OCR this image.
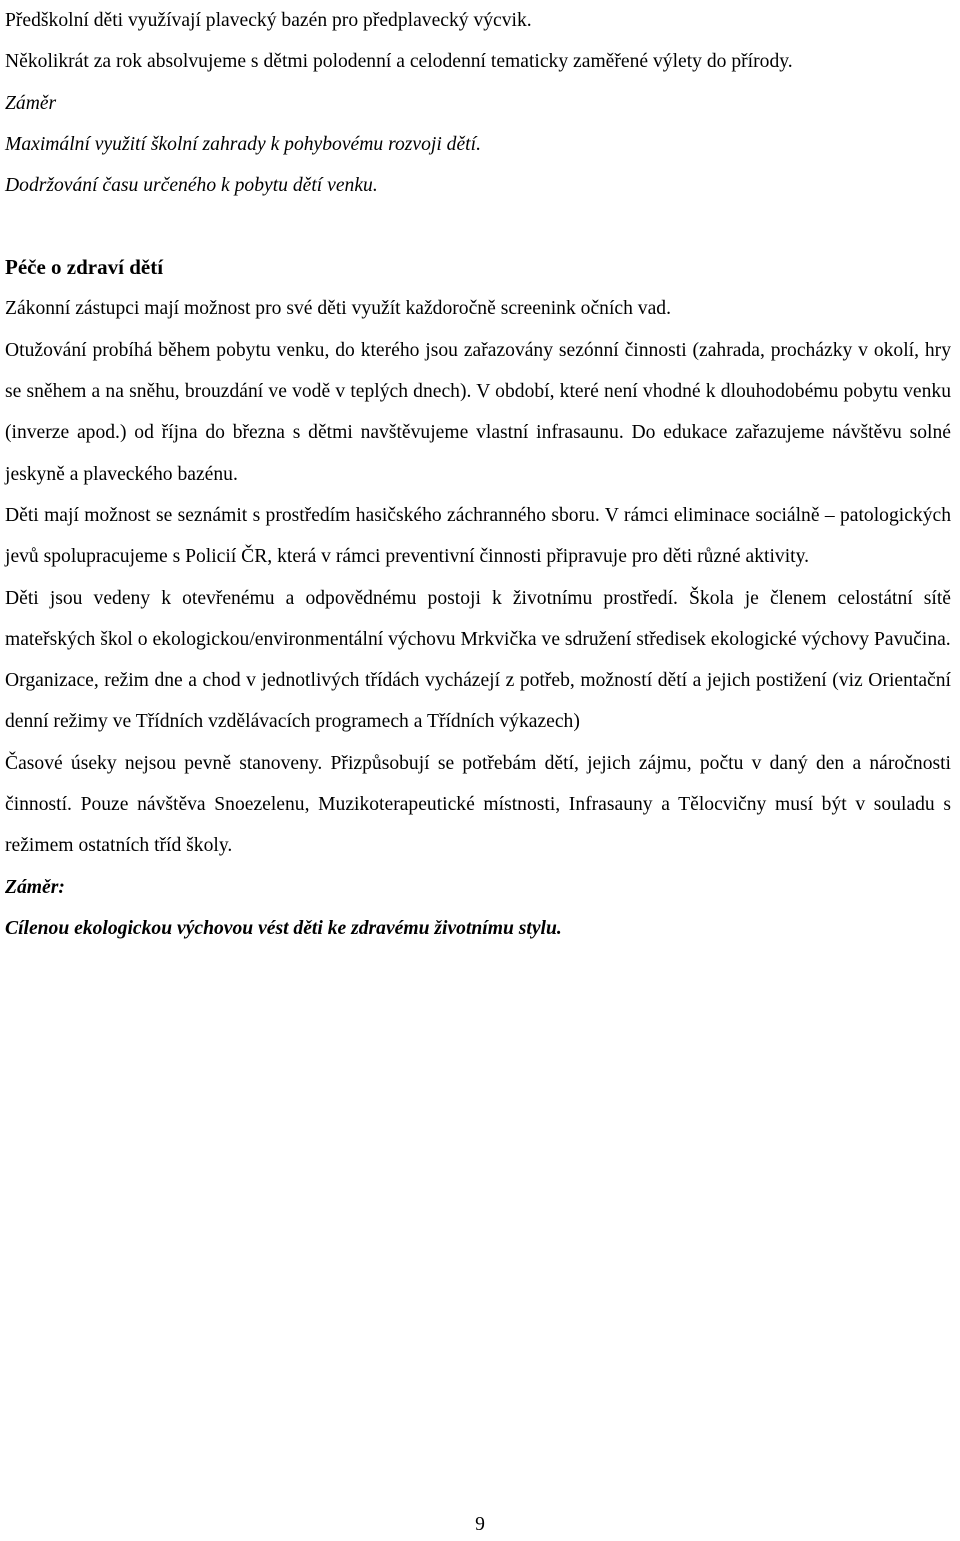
Předškolní děti využívají plavecký bazén pro předplavecký výcvik.

Několikrát za rok absolvujeme s dětmi polodenní a celodenní tematicky zaměřené výlety do přírody.

Záměr

Maximální využití školní zahrady k pohybovému rozvoji dětí.

Dodržování času určeného k pobytu dětí venku.

Péče o zdraví dětí

Zákonní zástupci mají možnost pro své děti využít každoročně screenink očních vad.

Otužování probíhá během pobytu venku, do kterého jsou zařazovány sezónní činnosti (zahrada, procházky v okolí, hry se sněhem a na sněhu, brouzdání ve vodě v teplých dnech). V období, které není vhodné k dlouhodobému pobytu venku (inverze apod.) od října do března s dětmi navštěvujeme vlastní infrasaunu. Do edukace zařazujeme návštěvu solné jeskyně a plaveckého bazénu.

Děti mají možnost se seznámit s prostředím hasičského záchranného sboru. V rámci eliminace sociálně – patologických jevů spolupracujeme s Policií ČR, která v rámci preventivní činnosti připravuje pro děti různé aktivity.

Děti jsou vedeny k otevřenému a odpovědnému postoji k životnímu prostředí. Škola je členem celostátní sítě mateřských škol o ekologickou/environmentální výchovu Mrkvička ve sdružení středisek ekologické výchovy Pavučina.

Organizace, režim dne a chod v jednotlivých třídách vycházejí z potřeb, možností dětí a jejich postižení (viz Orientační denní režimy ve Třídních vzdělávacích programech a Třídních výkazech)

Časové úseky nejsou pevně stanoveny. Přizpůsobují se potřebám dětí, jejich zájmu, počtu v daný den a náročnosti činností. Pouze návštěva Snoezelenu, Muzikoterapeutické místnosti, Infrasauny a Tělocvičny musí být v souladu s režimem ostatních tříd školy.

Záměr:

Cílenou ekologickou výchovou vést děti ke zdravému životnímu stylu.

9
